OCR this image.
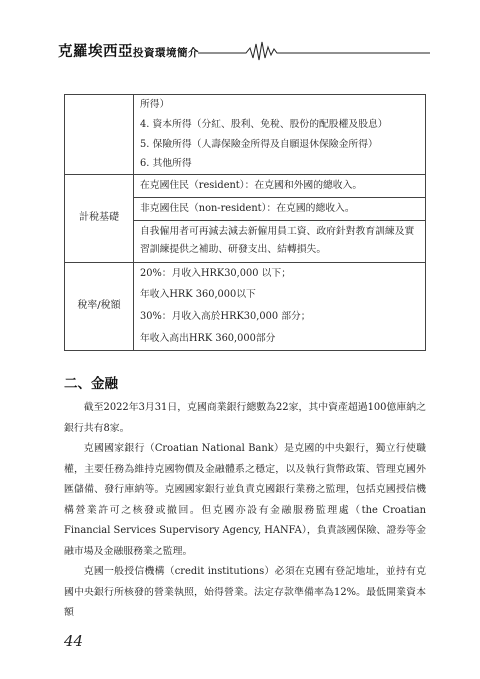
克羅埃西亞投資環境簡介

	所得）
4. 資本所得（分紅、股利、免稅、股份的配股權及股息）
5. 保險所得（人壽保險金所得及自願退休保險金所得）
6. 其他所得

計稅基礎	在克國住民（resident）：在克國和外國的總收入。
非克國住民（non-resident）：在克國的總收入。
自我僱用者可再減去減去新僱用員工資、政府針對教育訓練及實習訓練提供之補助、研發支出、結轉損失。

稅率/稅額	20%：月收入HRK30,000 以下；
年收入HRK 360,000以下
30%：月收入高於HRK30,000 部分；
年收入高出HRK 360,000部分
二、金融

截至2022年3月31日，克國商業銀行總數為22家，其中資產超過100億庫納之銀行共有8家。

克國國家銀行（Croatian National Bank）是克國的中央銀行，獨立行使職權，主要任務為維持克國物價及金融體系之穩定，以及執行貨幣政策、管理克國外匯儲備、發行庫納等。克國國家銀行並負責克國銀行業務之監理，包括克國授信機構營業許可之核發或撤回。但克國亦設有金融服務監理處（the Croatian Financial Services Supervisory Agency, HANFA），負責該國保險、證券等金融市場及金融服務業之監理。

克國一般授信機構（credit institutions）必須在克國有登記地址，並持有克國中央銀行所核發的營業執照，始得營業。法定存款準備率為12%。最低開業資本額

44
